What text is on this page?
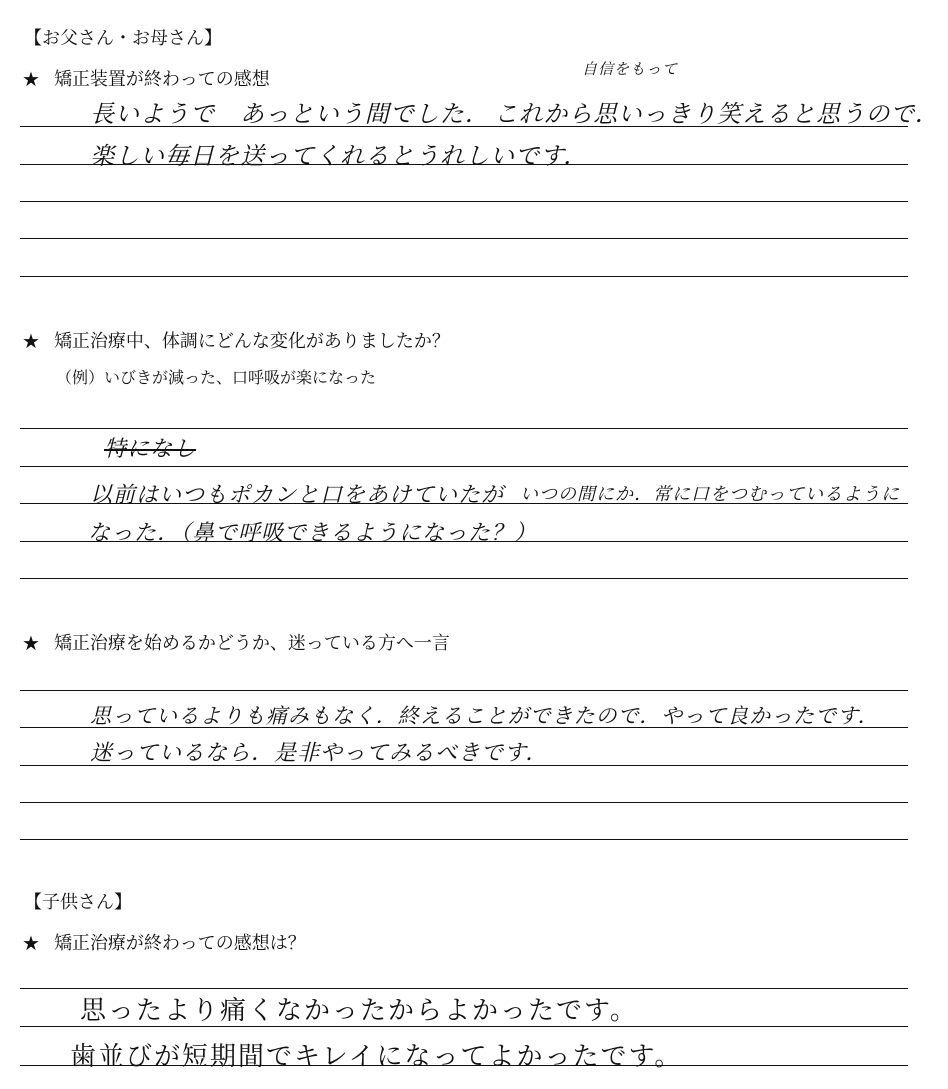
【お父さん・お母さん】
★ 矯正装置が終わっての感想
長いようで　あっという間でした．
自信をもって
これから思いっきり笑えると思うので．
楽しい毎日を送ってくれるとうれしいです．
★ 矯正治療中、体調にどんな変化がありましたか？
（例）いびきが減った、口呼吸が楽になった
特になし
以前はいつもポカンと口をあけていたが いつの間にか．常に口をつむっているように
なった．（鼻で呼吸できるようになった？）
★ 矯正治療を始めるかどうか、迷っている方へ一言
思っているよりも痛みもなく．終えることができたので．やって良かったです．
迷っているなら．是非やってみるべきです．
【子供さん】
★ 矯正治療が終わっての感想は？
思ったより痛くなかったからよかったです。
歯並びが短期間でキレイになってよかったです。
